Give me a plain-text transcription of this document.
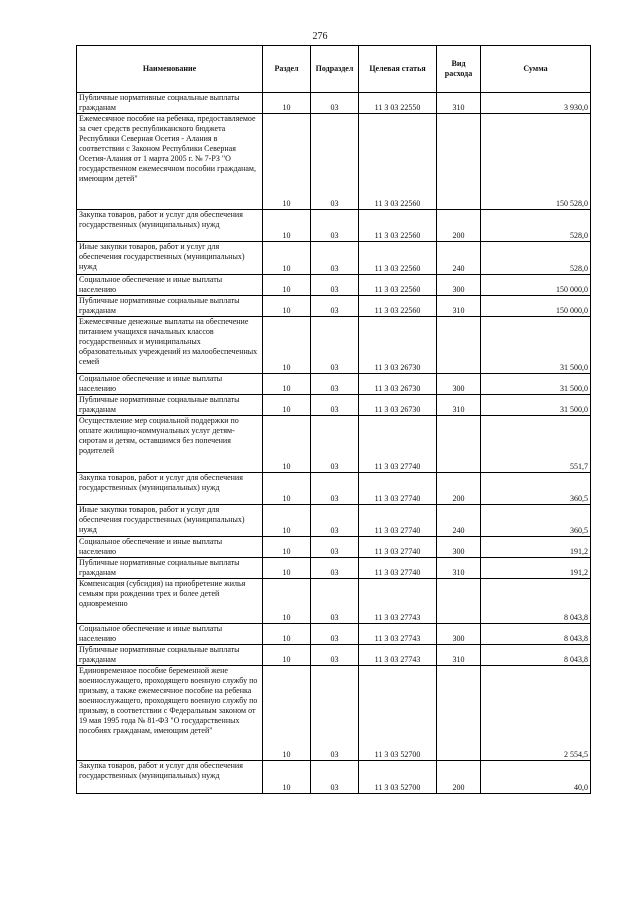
276
Наименование	Раздел	Подраздел	Целевая статья	Вид расхода	Сумма
Публичные нормативные социальные выплаты гражданам	10	03	11 3 03 22550	310	3 930,0
Ежемесячное пособие на ребенка, предоставляемое за счет средств республиканского бюджета Республики Северная Осетия - Алания в соответствии с Законом Республики Северная Осетия-Алания от 1 марта 2005 г. № 7-РЗ "О государственном ежемесячном пособии гражданам, имеющим детей"	10	03	11 3 03 22560		150 528,0
Закупка товаров, работ и услуг для обеспечения государственных (муниципальных) нужд	10	03	11 3 03 22560	200	528,0
Иные закупки товаров, работ и услуг для обеспечения государственных (муниципальных) нужд	10	03	11 3 03 22560	240	528,0
Социальное обеспечение и иные выплаты населению	10	03	11 3 03 22560	300	150 000,0
Публичные нормативные социальные выплаты гражданам	10	03	11 3 03 22560	310	150 000,0
Ежемесячные денежные выплаты на обеспечение питанием учащихся начальных классов государственных и муниципальных образовательных учреждений из малообеспеченных семей	10	03	11 3 03 26730		31 500,0
Социальное обеспечение и иные выплаты населению	10	03	11 3 03 26730	300	31 500,0
Публичные нормативные социальные выплаты гражданам	10	03	11 3 03 26730	310	31 500,0
Осуществление мер социальной поддержки по оплате жилищно-коммунальных услуг детям-сиротам и детям, оставшимся без попечения родителей	10	03	11 3 03 27740		551,7
Закупка товаров, работ и услуг для обеспечения государственных (муниципальных) нужд	10	03	11 3 03 27740	200	360,5
Иные закупки товаров, работ и услуг для обеспечения государственных (муниципальных) нужд	10	03	11 3 03 27740	240	360,5
Социальное обеспечение и иные выплаты населению	10	03	11 3 03 27740	300	191,2
Публичные нормативные социальные выплаты гражданам	10	03	11 3 03 27740	310	191,2
Компенсация (субсидия) на приобретение жилья семьям при рождении трех и более детей одновременно	10	03	11 3 03 27743		8 043,8
Социальное обеспечение и иные выплаты населению	10	03	11 3 03 27743	300	8 043,8
Публичные нормативные социальные выплаты гражданам	10	03	11 3 03 27743	310	8 043,8
Единовременное пособие беременной жене военнослужащего, проходящего военную службу по призыву, а также ежемесячное пособие на ребенка военнослужащего, проходящего военную службу по призыву, в соответствии с Федеральным законом от 19 мая 1995 года № 81-ФЗ "О государственных пособиях гражданам, имеющим детей"	10	03	11 3 03 52700		2 554,5
Закупка товаров, работ и услуг для обеспечения государственных (муниципальных) нужд	10	03	11 3 03 52700	200	40,0
